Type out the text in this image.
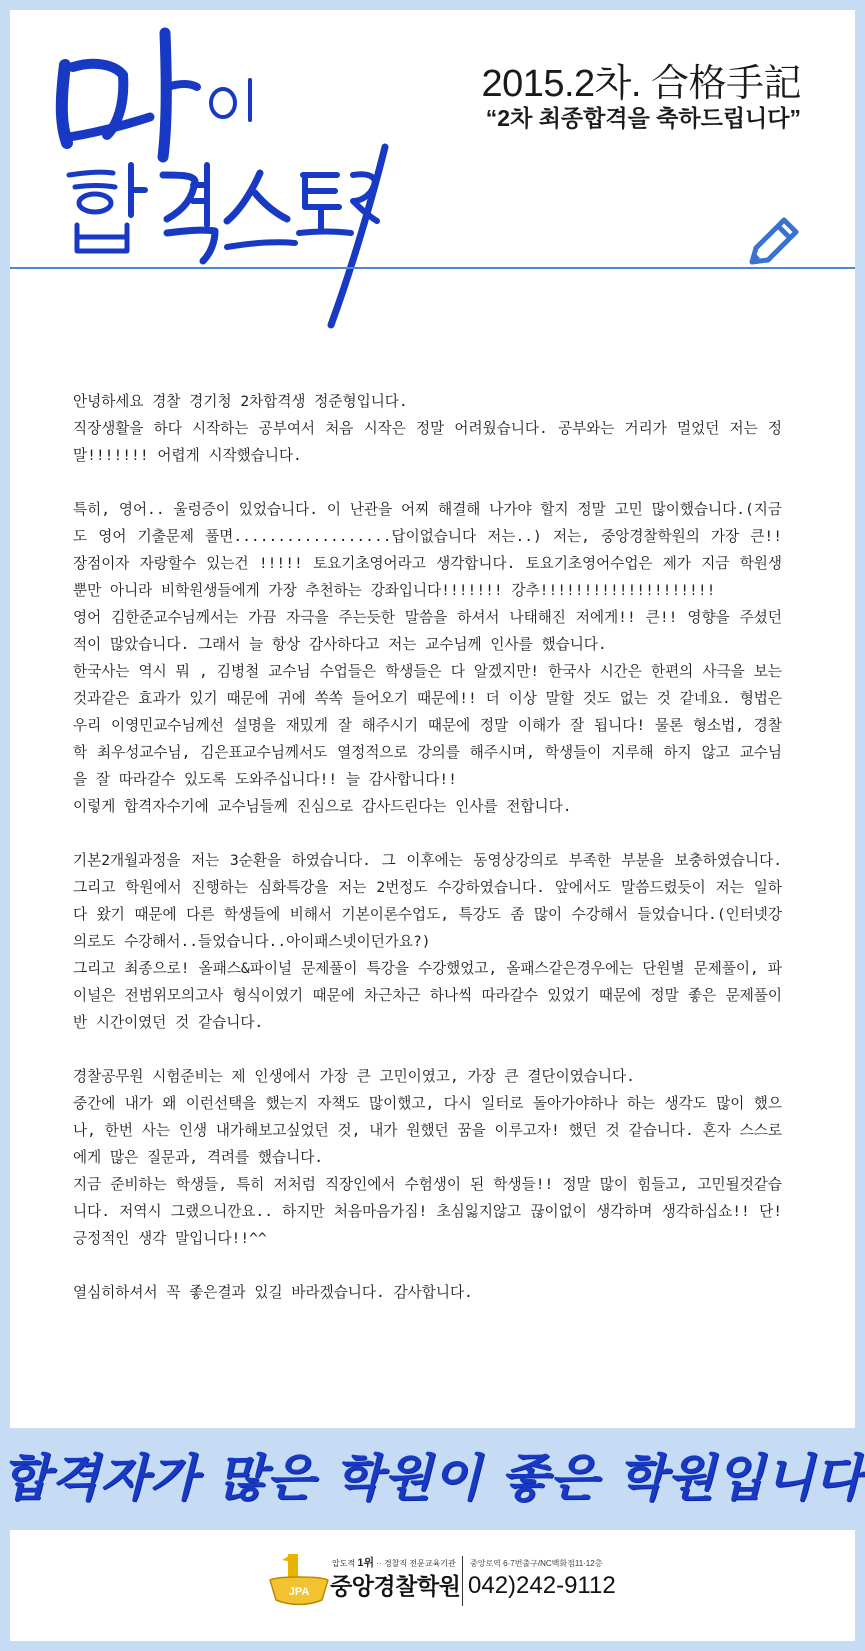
2015.2차. 合格手記
“2차 최종합격을 축하드립니다”

안녕하세요 경찰 경기청 2차합격생 정준형입니다.
직장생활을 하다 시작하는 공부여서 처음 시작은 정말 어려웠습니다. 공부와는 거리가 멀었던 저는 정말!!!!!!! 어렵게 시작했습니다.

특히, 영어.. 울렁증이 있었습니다. 이 난관을 어찌 해결해 나가야 할지 정말 고민 많이했습니다.(지금도 영어 기출문제 풀면..................답이없습니다 저는..) 저는, 중앙경찰학원의 가장 큰!! 장점이자 자랑할수 있는건 !!!!! 토요기초영어라고 생각합니다. 토요기초영어수업은 제가 지금 학원생 뿐만 아니라 비학원생들에게 가장 추천하는 강좌입니다!!!!!!! 강추!!!!!!!!!!!!!!!!!!!!
영어 김한준교수님께서는 가끔 자극을 주는듯한 말씀을 하셔서 나태해진 저에게!! 큰!! 영향을 주셨던적이 많았습니다. 그래서 늘 항상 감사하다고 저는 교수님께 인사를 했습니다.
한국사는 역시 뭐 , 김병철 교수님 수업들은 학생들은 다 알겠지만! 한국사 시간은 한편의 사극을 보는것과같은 효과가 있기 때문에 귀에 쏙쏙 들어오기 때문에!! 더 이상 말할 것도 없는 것 같네요. 형법은 우리 이영민교수님께선 설명을 재밌게 잘 해주시기 때문에 정말 이해가 잘 됩니다! 물론 형소법, 경찰학 최우성교수님, 김은표교수님께서도 열정적으로 강의를 해주시며, 학생들이 지루해 하지 않고 교수님을 잘 따라갈수 있도록 도와주십니다!! 늘 감사합니다!!
이렇게 합격자수기에 교수님들께 진심으로 감사드린다는 인사를 전합니다.

기본2개월과정을 저는 3순환을 하였습니다. 그 이후에는 동영상강의로 부족한 부분을 보충하였습니다. 그리고 학원에서 진행하는 심화특강을 저는 2번정도 수강하였습니다. 앞에서도 말씀드렸듯이 저는 일하다 왔기 때문에 다른 학생들에 비해서 기본이론수업도, 특강도 좀 많이 수강해서 들었습니다.(인터넷강의로도 수강해서..들었습니다..아이패스넷이던가요?)
그리고 최종으로! 올패스&파이널 문제풀이 특강을 수강했었고, 올패스같은경우에는 단원별 문제풀이, 파이널은 전범위모의고사 형식이였기 때문에 차근차근 하나씩 따라갈수 있었기 때문에 정말 좋은 문제풀이반 시간이였던 것 같습니다.

경찰공무원 시험준비는 제 인생에서 가장 큰 고민이였고, 가장 큰 결단이였습니다.
중간에 내가 왜 이런선택을 했는지 자책도 많이했고, 다시 일터로 돌아가야하나 하는 생각도 많이 했으나, 한번 사는 인생 내가해보고싶었던 것, 내가 원했던 꿈을 이루고자! 했던 것 같습니다. 혼자 스스로에게 많은 질문과, 격려를 했습니다.
지금 준비하는 학생들, 특히 저처럼 직장인에서 수험생이 된 학생들!! 정말 많이 힘들고, 고민될것같습니다. 저역시 그랬으니깐요.. 하지만 처음마음가짐! 초심잃지않고 끊이없이 생각하며 생각하십쇼!! 단! 긍정적인 생각 말입니다!!^^

열심히하셔서 꼭 좋은결과 있길 바라겠습니다. 감사합니다.

합격자가 많은 학원이 좋은 학원입니다
JPA
압도적 1위 ·· 경찰직 전문교육기관
중앙경찰학원
중앙로역 6·7번출구/NC백화점11·12층
042)242-9112
